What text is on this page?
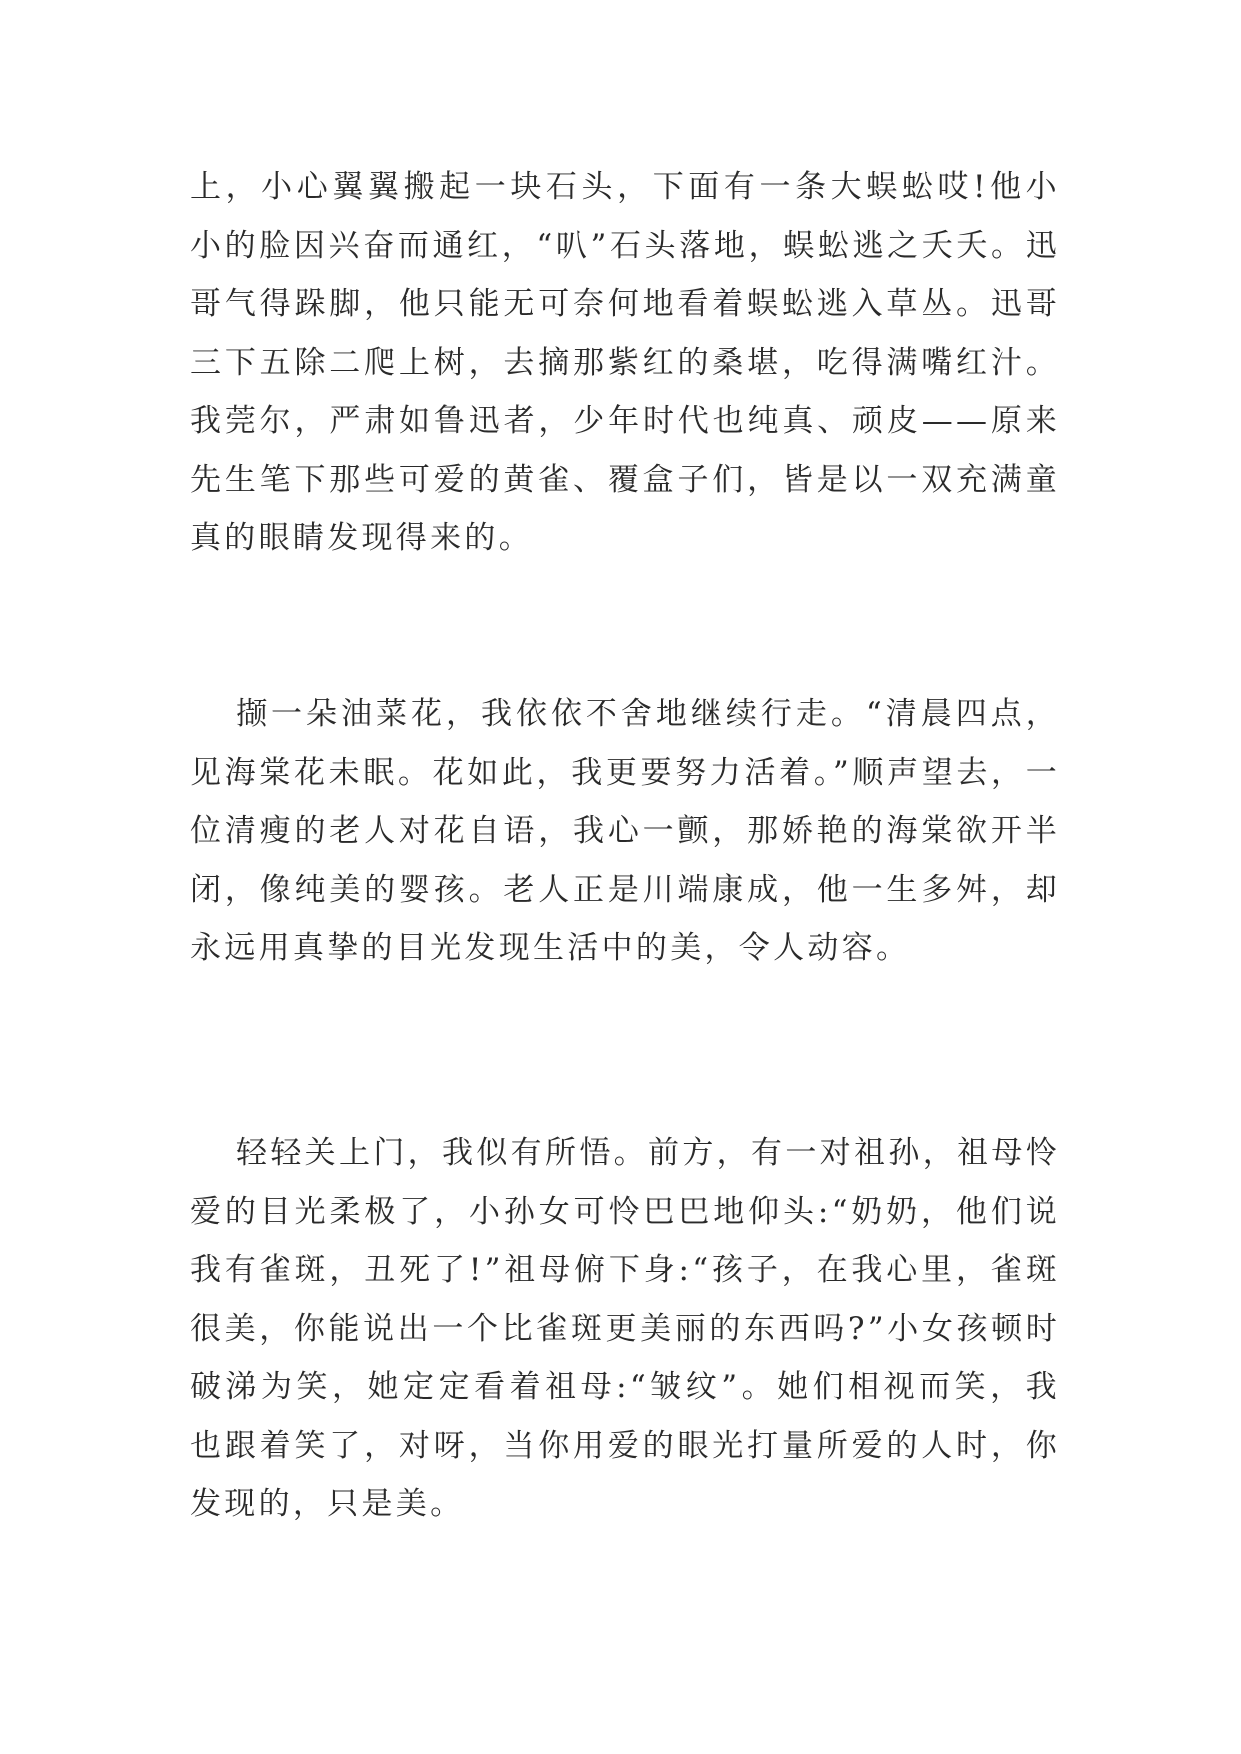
上，小心翼翼搬起一块石头，下面有一条大蜈蚣哎!他小小的脸因兴奋而通红，“叭”石头落地，蜈蚣逃之夭夭。迅哥气得跺脚，他只能无可奈何地看着蜈蚣逃入草丛。迅哥三下五除二爬上树，去摘那紫红的桑堪，吃得满嘴红汁。我莞尔，严肃如鲁迅者，少年时代也纯真、顽皮——原来先生笔下那些可爱的黄雀、覆盒子们，皆是以一双充满童真的眼睛发现得来的。

撷一朵油菜花，我依依不舍地继续行走。“清晨四点，见海棠花未眠。花如此，我更要努力活着。”顺声望去，一位清瘦的老人对花自语，我心一颤，那娇艳的海棠欲开半闭，像纯美的婴孩。老人正是川端康成，他一生多舛，却永远用真挚的目光发现生活中的美，令人动容。

轻轻关上门，我似有所悟。前方，有一对祖孙，祖母怜爱的目光柔极了，小孙女可怜巴巴地仰头:“奶奶，他们说我有雀斑，丑死了!”祖母俯下身:“孩子，在我心里，雀斑很美，你能说出一个比雀斑更美丽的东西吗?”小女孩顿时破涕为笑，她定定看着祖母:“皱纹”。她们相视而笑，我也跟着笑了，对呀，当你用爱的眼光打量所爱的人时，你发现的，只是美。
